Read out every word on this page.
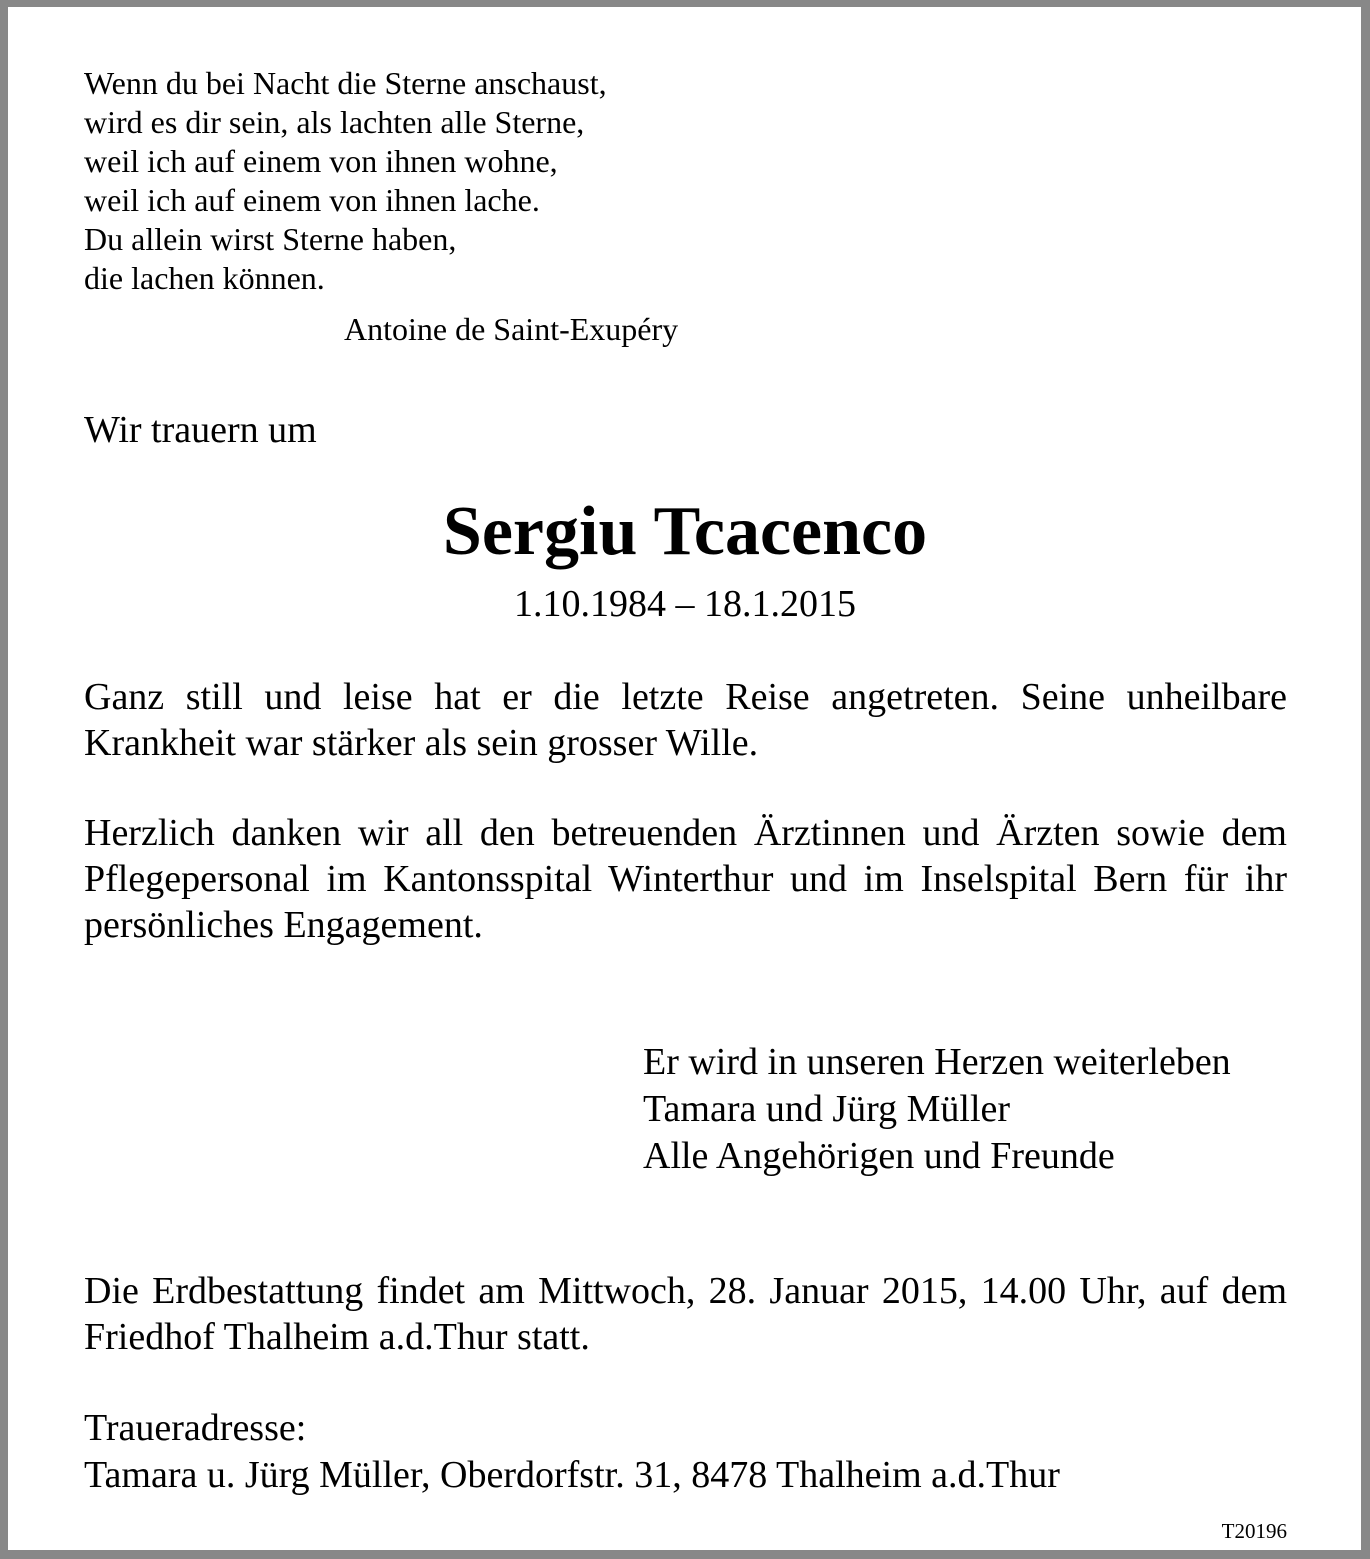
Wenn du bei Nacht die Sterne anschaust,
wird es dir sein, als lachten alle Sterne,
weil ich auf einem von ihnen wohne,
weil ich auf einem von ihnen lache.
Du allein wirst Sterne haben,
die lachen können.
Antoine de Saint-Exupéry
Wir trauern um
Sergiu Tcacenco
1.10.1984 – 18.1.2015
Ganz still und leise hat er die letzte Reise angetreten. Seine unheilbare Krankheit war stärker als sein grosser Wille.
Herzlich danken wir all den betreuenden Ärztinnen und Ärzten sowie dem Pflegepersonal im Kantonsspital Winterthur und im Inselspital Bern für ihr persönliches Engagement.
Er wird in unseren Herzen weiterleben
Tamara und Jürg Müller
Alle Angehörigen und Freunde
Die Erdbestattung findet am Mittwoch, 28. Januar 2015, 14.00 Uhr, auf dem Friedhof Thalheim a.d.Thur statt.
Traueradresse:
Tamara u. Jürg Müller, Oberdorfstr. 31, 8478 Thalheim a.d.Thur
T20196
